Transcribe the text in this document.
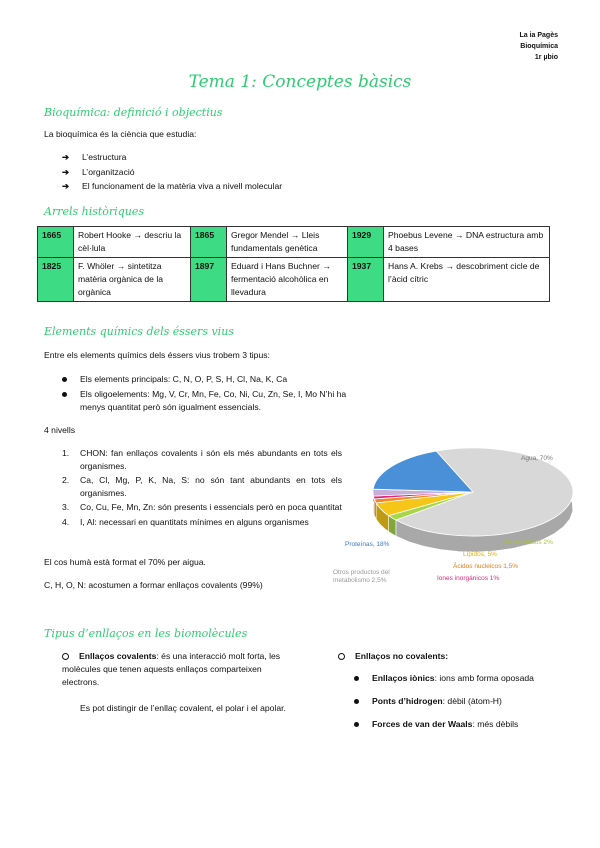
La ia Pagès
Bioquímica
1r µbio
Tema 1: Conceptes bàsics
Bioquímica: definició i objectius
La bioquímica és la ciència que estudia:
➔ L’estructura
➔ L’organització
➔ El funcionament de la matèria viva a nivell molecular
Arrels històriques
1665	Robert Hooke → descriu la cèl·lula	1865	Gregor Mendel → Lleis fundamentals genètica	1929	Phoebus Levene → DNA estructura amb 4 bases
1825	F. Whöler → sintetitza matèria orgànica de la orgànica	1897	Eduard i Hans Buchner → fermentació alcohòlica en llevadura	1937	Hans A. Krebs → descobriment cicle de l’àcid cítric
Elements químics dels éssers vius
Entre els elements químics dels éssers vius trobem 3 tipus:
Els elements principals: C, N, O, P, S, H, Cl, Na, K, Ca
Els oligoelements: Mg, V, Cr, Mn, Fe, Co, Ni, Cu, Zn, Se, I, Mo N’hi ha menys quantitat però són igualment essencials.
4 nivells
1. CHON: fan enllaços covalents i són els més abundants en tots els organismes.
2. Ca, Cl, Mg, P, K, Na, S: no són tant abundants en tots els organismes.
3. Co, Cu, Fe, Mn, Zn: són presents i essencials però en poca quantitat
4. I, Al: necessari en quantitats mínimes en alguns organismes
El cos humà està format el 70% per aigua.
C, H, O, N: acostumen a formar enllaços covalents (99%)
Agua, 70%
Polisacáridos 2%
Lípidos, 5%
Ácidos nucleicos 1,5%
Iones inorgánicos 1%
Proteínas, 18%
Otros productos del metabolismo 2,5%
Tipus d’enllaços en les biomolècules
Enllaços covalents: és una interacció molt forta, les molècules que tenen aquests enllaços comparteixen electrons.
Es pot distingir de l’enllaç covalent, el polar i el apolar.
Enllaços no covalents:
Enllaços iònics: ions amb forma oposada
Ponts d’hidrogen: dèbil (àtom-H)
Forces de van der Waals: més dèbils
